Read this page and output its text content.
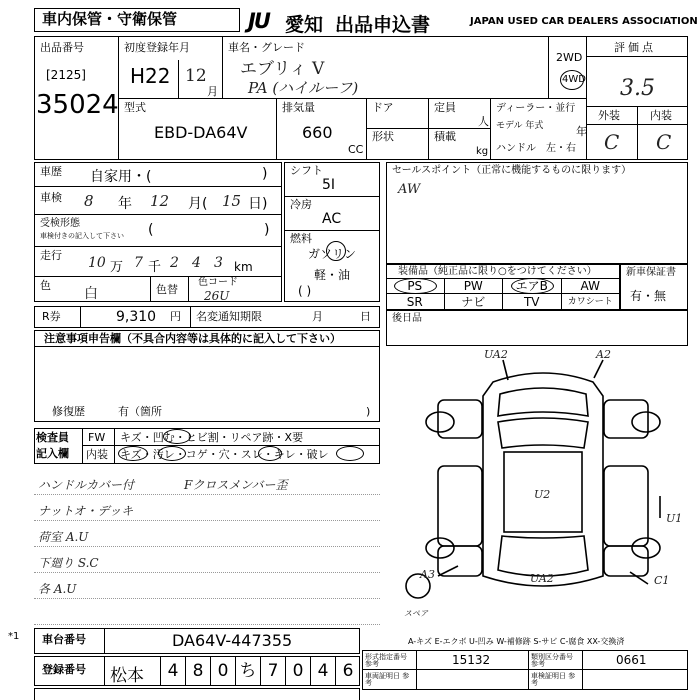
車内保管・守衛保管	JU 愛知 出品申込書	JAPAN USED CAR DEALERS ASSOCIATION
出品番号
[2125]
35024
初度登録年月
H22 12
月
車名・グレード
エブリィ V
PA (ハイルーフ)
2WD
4WD
評価点
3.5
外装	内装
C C
型式
EBD-DA64V
排気量
660
CC
ドア	定員
人
形状	積載
kg
ディーラー・並行
モデル 年式	年
ハンドル 左・右
車歴 自家用・(	)
車検 8 年 12 月( 15 日)
受検形態
車検付きの記入して下さい (	)
走行 10 万 7 千 2 4 3 km
色
白	色替
色コード
26U
R券	9,310 円 名変通知期限	月	日
シフト
5I
冷房
AC
燃料
ガソリン
軽・油
( )
セールスポイント（正常に機能するものに限ります）
AW
装備品（純正品に限り○をつけてください）
PS	PW	エアB	AW
SR	ナビ	TV	カワシート
新車保証書
有・無
後日品
注意事項申告欄（不具合内容等は具体的に記入して下さい）
修復歴	有（箇所	)
検査員
記入欄
FW キズ・凹む・ヒビ割・リペア跡・X要
内装 キズ・汚レ・コゲ・穴・スレ・キレ・破レ
ハンドルカバー付	Fクロスメンバー歪
ナットオ・デッキ
荷室 A.U
下廻り S.C
各 A.U
UA2	A2
U2
A3	UA2	C1
U1
スペア
A-キズ E-エクボ U-凹み W-補修跡 S-サビ C-腐食 XX-交換済
*1 車台番号	DA64V-447355
登録番号 松本	4 8 0 ち 7 0 4 6
形式指定番号 参考	15132	類別区分番号 参考	0661
車両証明日 参考
車検証明日 参考
